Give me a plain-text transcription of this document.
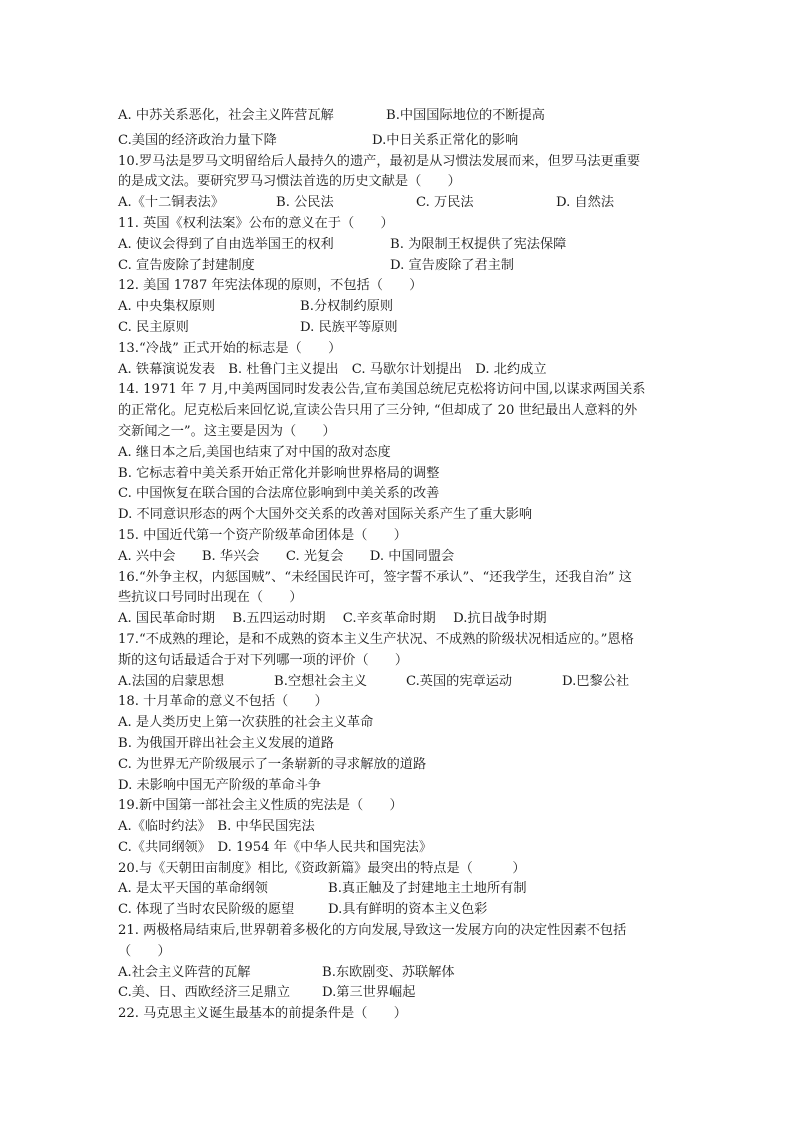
A. 中苏关系恶化，社会主义阵营瓦解	B.中国国际地位的不断提高
C.美国的经济政治力量下降	D.中日关系正常化的影响
10.罗马法是罗马文明留给后人最持久的遗产，最初是从习惯法发展而来，但罗马法更重要
的是成文法。要研究罗马习惯法首选的历史文献是（　　）
A.《十二铜表法》	B. 公民法	C. 万民法	D. 自然法
11. 英国《权利法案》公布的意义在于（　　）
A. 使议会得到了自由选举国王的权利	B. 为限制王权提供了宪法保障
C. 宣告废除了封建制度	D. 宣告废除了君主制
12. 美国 1787 年宪法体现的原则，不包括（　　）
A. 中央集权原则	B.分权制约原则
C. 民主原则	D. 民族平等原则
13.“冷战” 正式开始的标志是（　　）
A. 铁幕演说发表　B. 杜鲁门主义提出　C. 马歇尔计划提出　D. 北约成立
14. 1971 年 7 月,中美两国同时发表公告,宣布美国总统尼克松将访问中国,以谋求两国关系
的正常化。尼克松后来回忆说,宣读公告只用了三分钟, “但却成了 20 世纪最出人意料的外
交新闻之一”。这主要是因为（　　）
A. 继日本之后,美国也结束了对中国的敌对态度
B. 它标志着中美关系开始正常化并影响世界格局的调整
C. 中国恢复在联合国的合法席位影响到中美关系的改善
D. 不同意识形态的两个大国外交关系的改善对国际关系产生了重大影响
15. 中国近代第一个资产阶级革命团体是（　　）
A. 兴中会　　B. 华兴会　　C. 光复会　　D. 中国同盟会
16.“外争主权，内惩国贼”、“未经国民许可，签字誓不承认”、“还我学生，还我自治” 这
些抗议口号同时出现在（　　）
A. 国民革命时期　 B.五四运动时期　 C.辛亥革命时期　 D.抗日战争时期
17.“不成熟的理论，是和不成熟的资本主义生产状况、不成熟的阶级状况相适应的。”恩格
斯的这句话最适合于对下列哪一项的评价（　　）
A.法国的启蒙思想	B.空想社会主义	C.英国的宪章运动	D.巴黎公社
18. 十月革命的意义不包括（　　）
A. 是人类历史上第一次获胜的社会主义革命
B. 为俄国开辟出社会主义发展的道路
C. 为世界无产阶级展示了一条崭新的寻求解放的道路
D. 未影响中国无产阶级的革命斗争
19.新中国第一部社会主义性质的宪法是（　　）
A.《临时约法》　B. 中华民国宪法
C.《共同纲领》　D. 1954 年《中华人民共和国宪法》
20.与《天朝田亩制度》相比,《资政新篇》最突出的特点是（　　　）
A. 是太平天国的革命纲领	B.真正触及了封建地主土地所有制
C. 体现了当时农民阶级的愿望	D.具有鲜明的资本主义色彩
21. 两极格局结束后,世界朝着多极化的方向发展,导致这一发展方向的决定性因素不包括
（　　）
A.社会主义阵营的瓦解	B.东欧剧变、苏联解体
C.美、日、西欧经济三足鼎立 D.第三世界崛起
22. 马克思主义诞生最基本的前提条件是（　　）
